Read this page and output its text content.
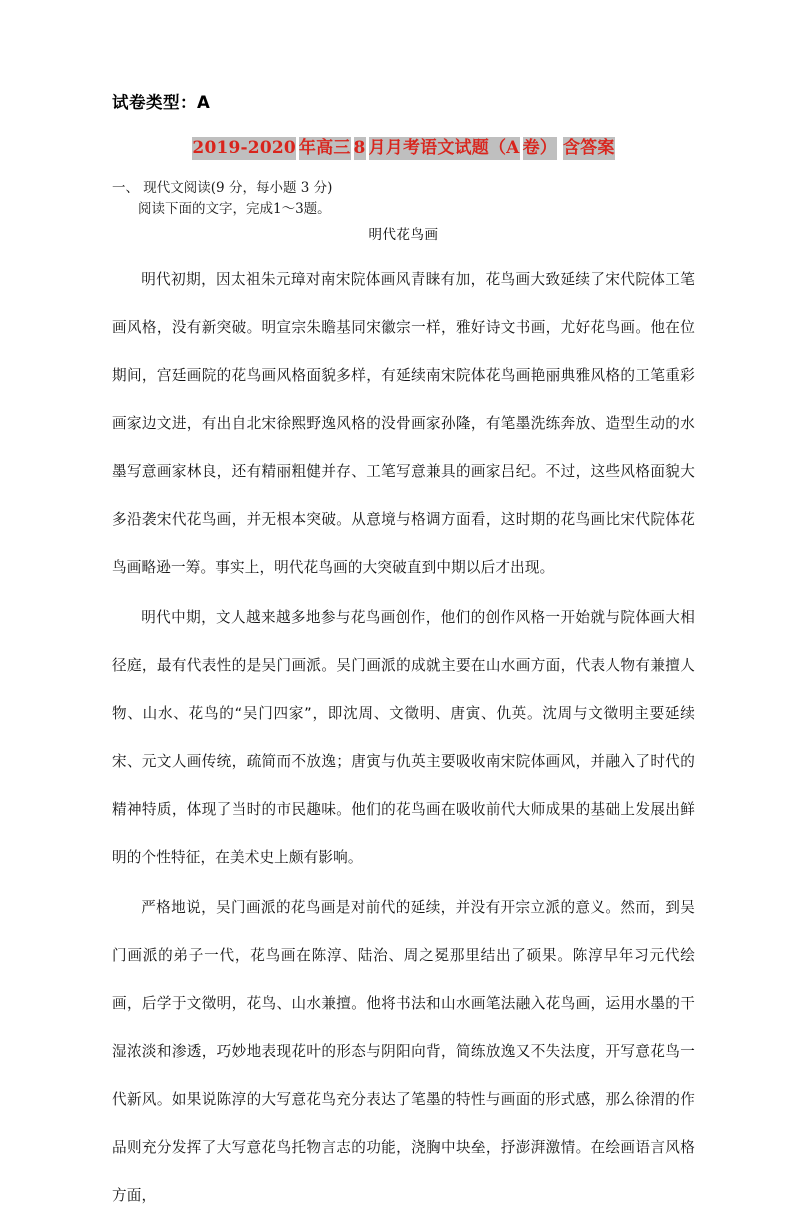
试卷类型：A
2019-2020 年高三 8 月月考语文试题（A 卷） 含答案
一、 现代文阅读(9 分，每小题 3 分)
阅读下面的文字，完成1～3题。
明代花鸟画

明代初期，因太祖朱元璋对南宋院体画风青睐有加，花鸟画大致延续了宋代院体工笔画风格，没有新突破。明宣宗朱瞻基同宋徽宗一样，雅好诗文书画，尤好花鸟画。他在位期间，宫廷画院的花鸟画风格面貌多样，有延续南宋院体花鸟画艳丽典雅风格的工笔重彩画家边文进，有出自北宋徐熙野逸风格的没骨画家孙隆，有笔墨洗练奔放、造型生动的水墨写意画家林良，还有精丽粗健并存、工笔写意兼具的画家吕纪。不过，这些风格面貌大多沿袭宋代花鸟画，并无根本突破。从意境与格调方面看，这时期的花鸟画比宋代院体花鸟画略逊一筹。事实上，明代花鸟画的大突破直到中期以后才出现。

明代中期，文人越来越多地参与花鸟画创作，他们的创作风格一开始就与院体画大相径庭，最有代表性的是吴门画派。吴门画派的成就主要在山水画方面，代表人物有兼擅人物、山水、花鸟的“吴门四家”，即沈周、文徵明、唐寅、仇英。沈周与文徵明主要延续宋、元文人画传统，疏简而不放逸；唐寅与仇英主要吸收南宋院体画风，并融入了时代的精神特质，体现了当时的市民趣味。他们的花鸟画在吸收前代大师成果的基础上发展出鲜明的个性特征，在美术史上颇有影响。

严格地说，吴门画派的花鸟画是对前代的延续，并没有开宗立派的意义。然而，到吴门画派的弟子一代，花鸟画在陈淳、陆治、周之冕那里结出了硕果。陈淳早年习元代绘画，后学于文徵明，花鸟、山水兼擅。他将书法和山水画笔法融入花鸟画，运用水墨的干湿浓淡和渗透，巧妙地表现花叶的形态与阴阳向背，简练放逸又不失法度，开写意花鸟一代新风。如果说陈淳的大写意花鸟充分表达了笔墨的特性与画面的形式感，那么徐渭的作品则充分发挥了大写意花鸟托物言志的功能，浇胸中块垒，抒澎湃激情。在绘画语言风格方面，
